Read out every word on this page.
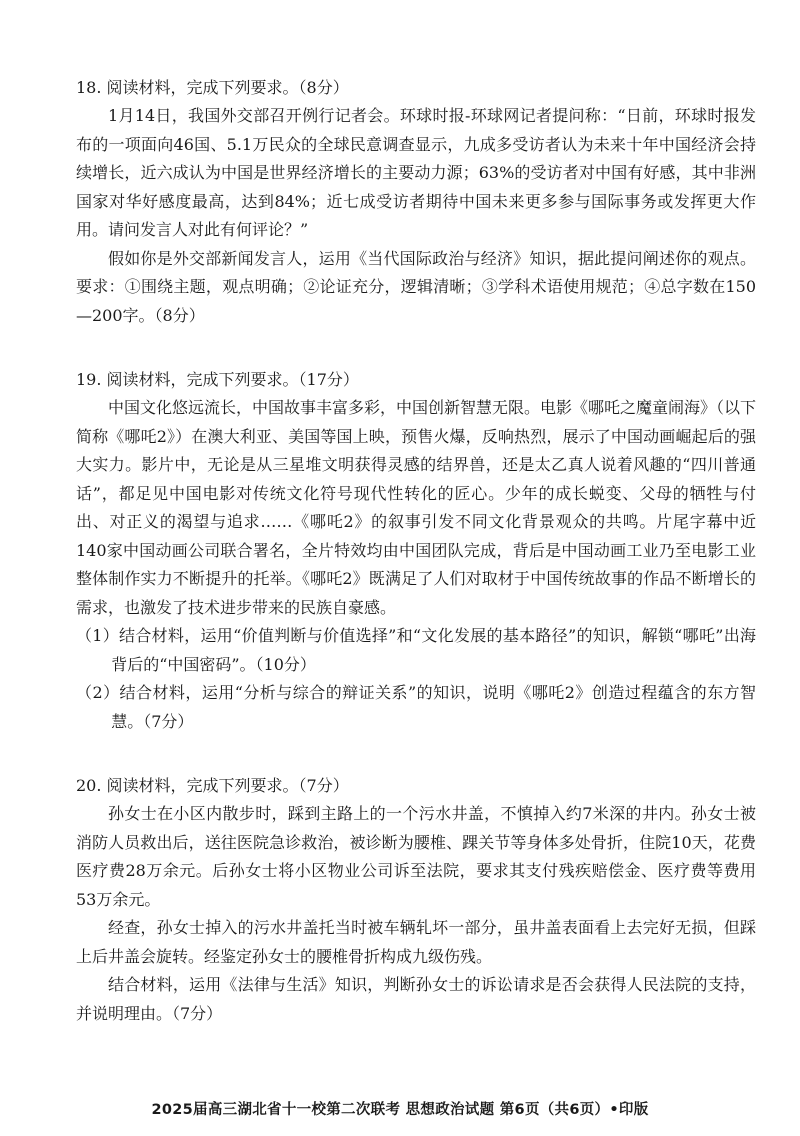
18. 阅读材料，完成下列要求。（8分）

1月14日，我国外交部召开例行记者会。环球时报-环球网记者提问称：“日前，环球时报发布的一项面向46国、5.1万民众的全球民意调查显示，九成多受访者认为未来十年中国经济会持续增长，近六成认为中国是世界经济增长的主要动力源；63%的受访者对中国有好感，其中非洲国家对华好感度最高，达到84%；近七成受访者期待中国未来更多参与国际事务或发挥更大作用。请问发言人对此有何评论？”

假如你是外交部新闻发言人，运用《当代国际政治与经济》知识，据此提问阐述你的观点。要求：①围绕主题，观点明确；②论证充分，逻辑清晰；③学科术语使用规范；④总字数在150—200字。（8分）

19. 阅读材料，完成下列要求。（17分）

中国文化悠远流长，中国故事丰富多彩，中国创新智慧无限。电影《哪吒之魔童闹海》（以下简称《哪吒2》）在澳大利亚、美国等国上映，预售火爆，反响热烈，展示了中国动画崛起后的强大实力。影片中，无论是从三星堆文明获得灵感的结界兽，还是太乙真人说着风趣的“四川普通话”，都足见中国电影对传统文化符号现代性转化的匠心。少年的成长蜕变、父母的牺牲与付出、对正义的渴望与追求……《哪吒2》的叙事引发不同文化背景观众的共鸣。片尾字幕中近140家中国动画公司联合署名，全片特效均由中国团队完成，背后是中国动画工业乃至电影工业整体制作实力不断提升的托举。《哪吒2》既满足了人们对取材于中国传统故事的作品不断增长的需求，也激发了技术进步带来的民族自豪感。

（1）结合材料，运用“价值判断与价值选择”和“文化发展的基本路径”的知识，解锁“哪吒”出海背后的“中国密码”。（10分）

（2）结合材料，运用“分析与综合的辩证关系”的知识，说明《哪吒2》创造过程蕴含的东方智慧。（7分）

20. 阅读材料，完成下列要求。（7分）

孙女士在小区内散步时，踩到主路上的一个污水井盖，不慎掉入约7米深的井内。孙女士被消防人员救出后，送往医院急诊救治，被诊断为腰椎、踝关节等身体多处骨折，住院10天，花费医疗费28万余元。后孙女士将小区物业公司诉至法院，要求其支付残疾赔偿金、医疗费等费用53万余元。

经查，孙女士掉入的污水井盖托当时被车辆轧坏一部分，虽井盖表面看上去完好无损，但踩上后井盖会旋转。经鉴定孙女士的腰椎骨折构成九级伤残。

结合材料，运用《法律与生活》知识，判断孙女士的诉讼请求是否会获得人民法院的支持，并说明理由。（7分）

2025届高三湖北省十一校第二次联考 思想政治试题 第6页（共6页）•印版
